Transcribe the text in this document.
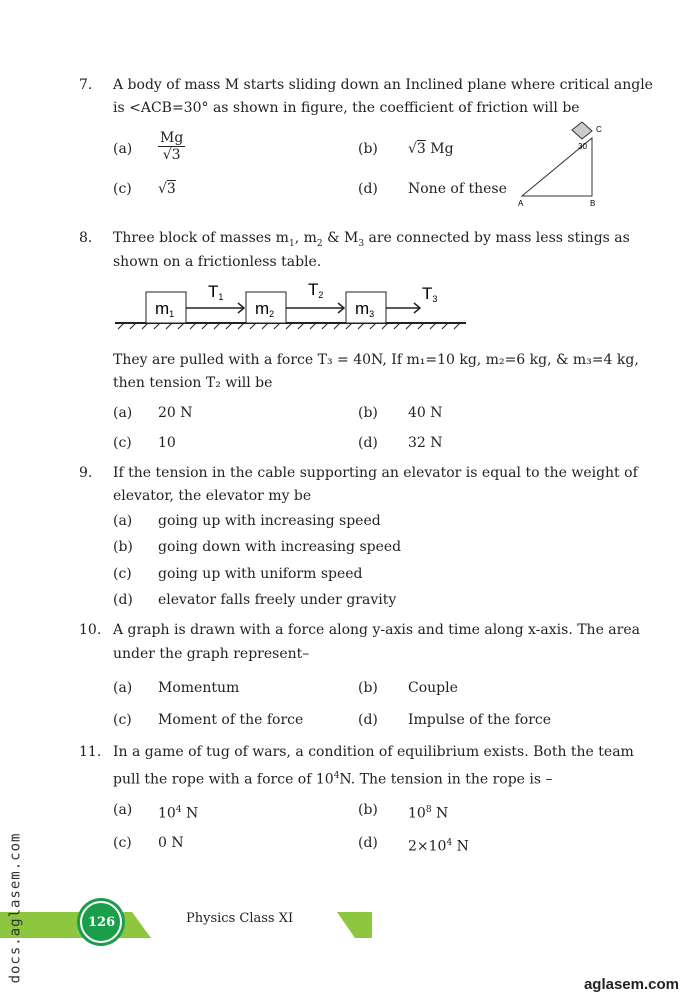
7. A body of mass M starts sliding down an Inclined plane where critical angle
is <ACB=30° as shown in figure, the coefficient of friction will be
$(a) \frac{Mg}{√3}$	(b) √3 Mg
(c) √3	(d) None of these
C
30
A	B
8. Three block of masses $m_1$, $m_2$ & $M_3$ are connected by mass less stings as
shown on a frictionless table.
m1	m2	m3
T1	T2	T3
They are pulled with a force T₃ = 40N, If m₁=10 kg, m₂=6 kg, & m₃=4 kg,
then tension T₂ will be
(a) 20 N	(b) 40 N
(c) 10	(d) 32 N
9. If the tension in the cable supporting an elevator is equal to the weight of
elevator, the elevator my be
(a) going up with increasing speed
(b) going down with increasing speed
(c) going up with uniform speed
(d) elevator falls freely under gravity
10. A graph is drawn with a force along y-axis and time along x-axis. The area
under the graph represent–
(a) Momentum	(b) Couple
(c) Moment of the force	(d) Impulse of the force
11. In a game of tug of wars, a condition of equilibrium exists. Both the team
pull the rope with a force of $10^4N$. The tension in the rope is –
(a) $10^4$ N	(b) $10^8$ N
(c) 0 N	(d) $2\times 10^4$ N
126	Physics Class XI
docs.aglasem.com
aglasem.com
